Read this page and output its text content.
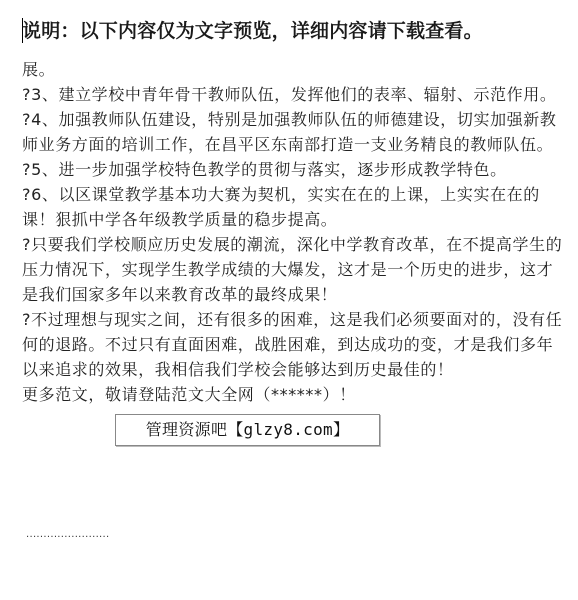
说明：以下内容仅为文字预览，详细内容请下载查看。

展。

?3、建立学校中青年骨干教师队伍，发挥他们的表率、辐射、示范作用。

?4、加强教师队伍建设，特别是加强教师队伍的师德建设，切实加强新教师业务方面的培训工作，在昌平区东南部打造一支业务精良的教师队伍。

?5、进一步加强学校特色教学的贯彻与落实，逐步形成教学特色。

?6、以区课堂教学基本功大赛为契机，实实在在的上课，上实实在在的课！狠抓中学各年级教学质量的稳步提高。

?只要我们学校顺应历史发展的潮流，深化中学教育改革，在不提高学生的压力情况下，实现学生教学成绩的大爆发，这才是一个历史的进步，这才是我们国家多年以来教育改革的最终成果！

?不过理想与现实之间，还有很多的困难，这是我们必须要面对的，没有任何的退路。不过只有直面困难，战胜困难，到达成功的变，才是我们多年以来追求的效果，我相信我们学校会能够达到历史最佳的！

更多范文，敬请登陆范文大全网（******）！

························
管理资源吧【glzy8.com】
